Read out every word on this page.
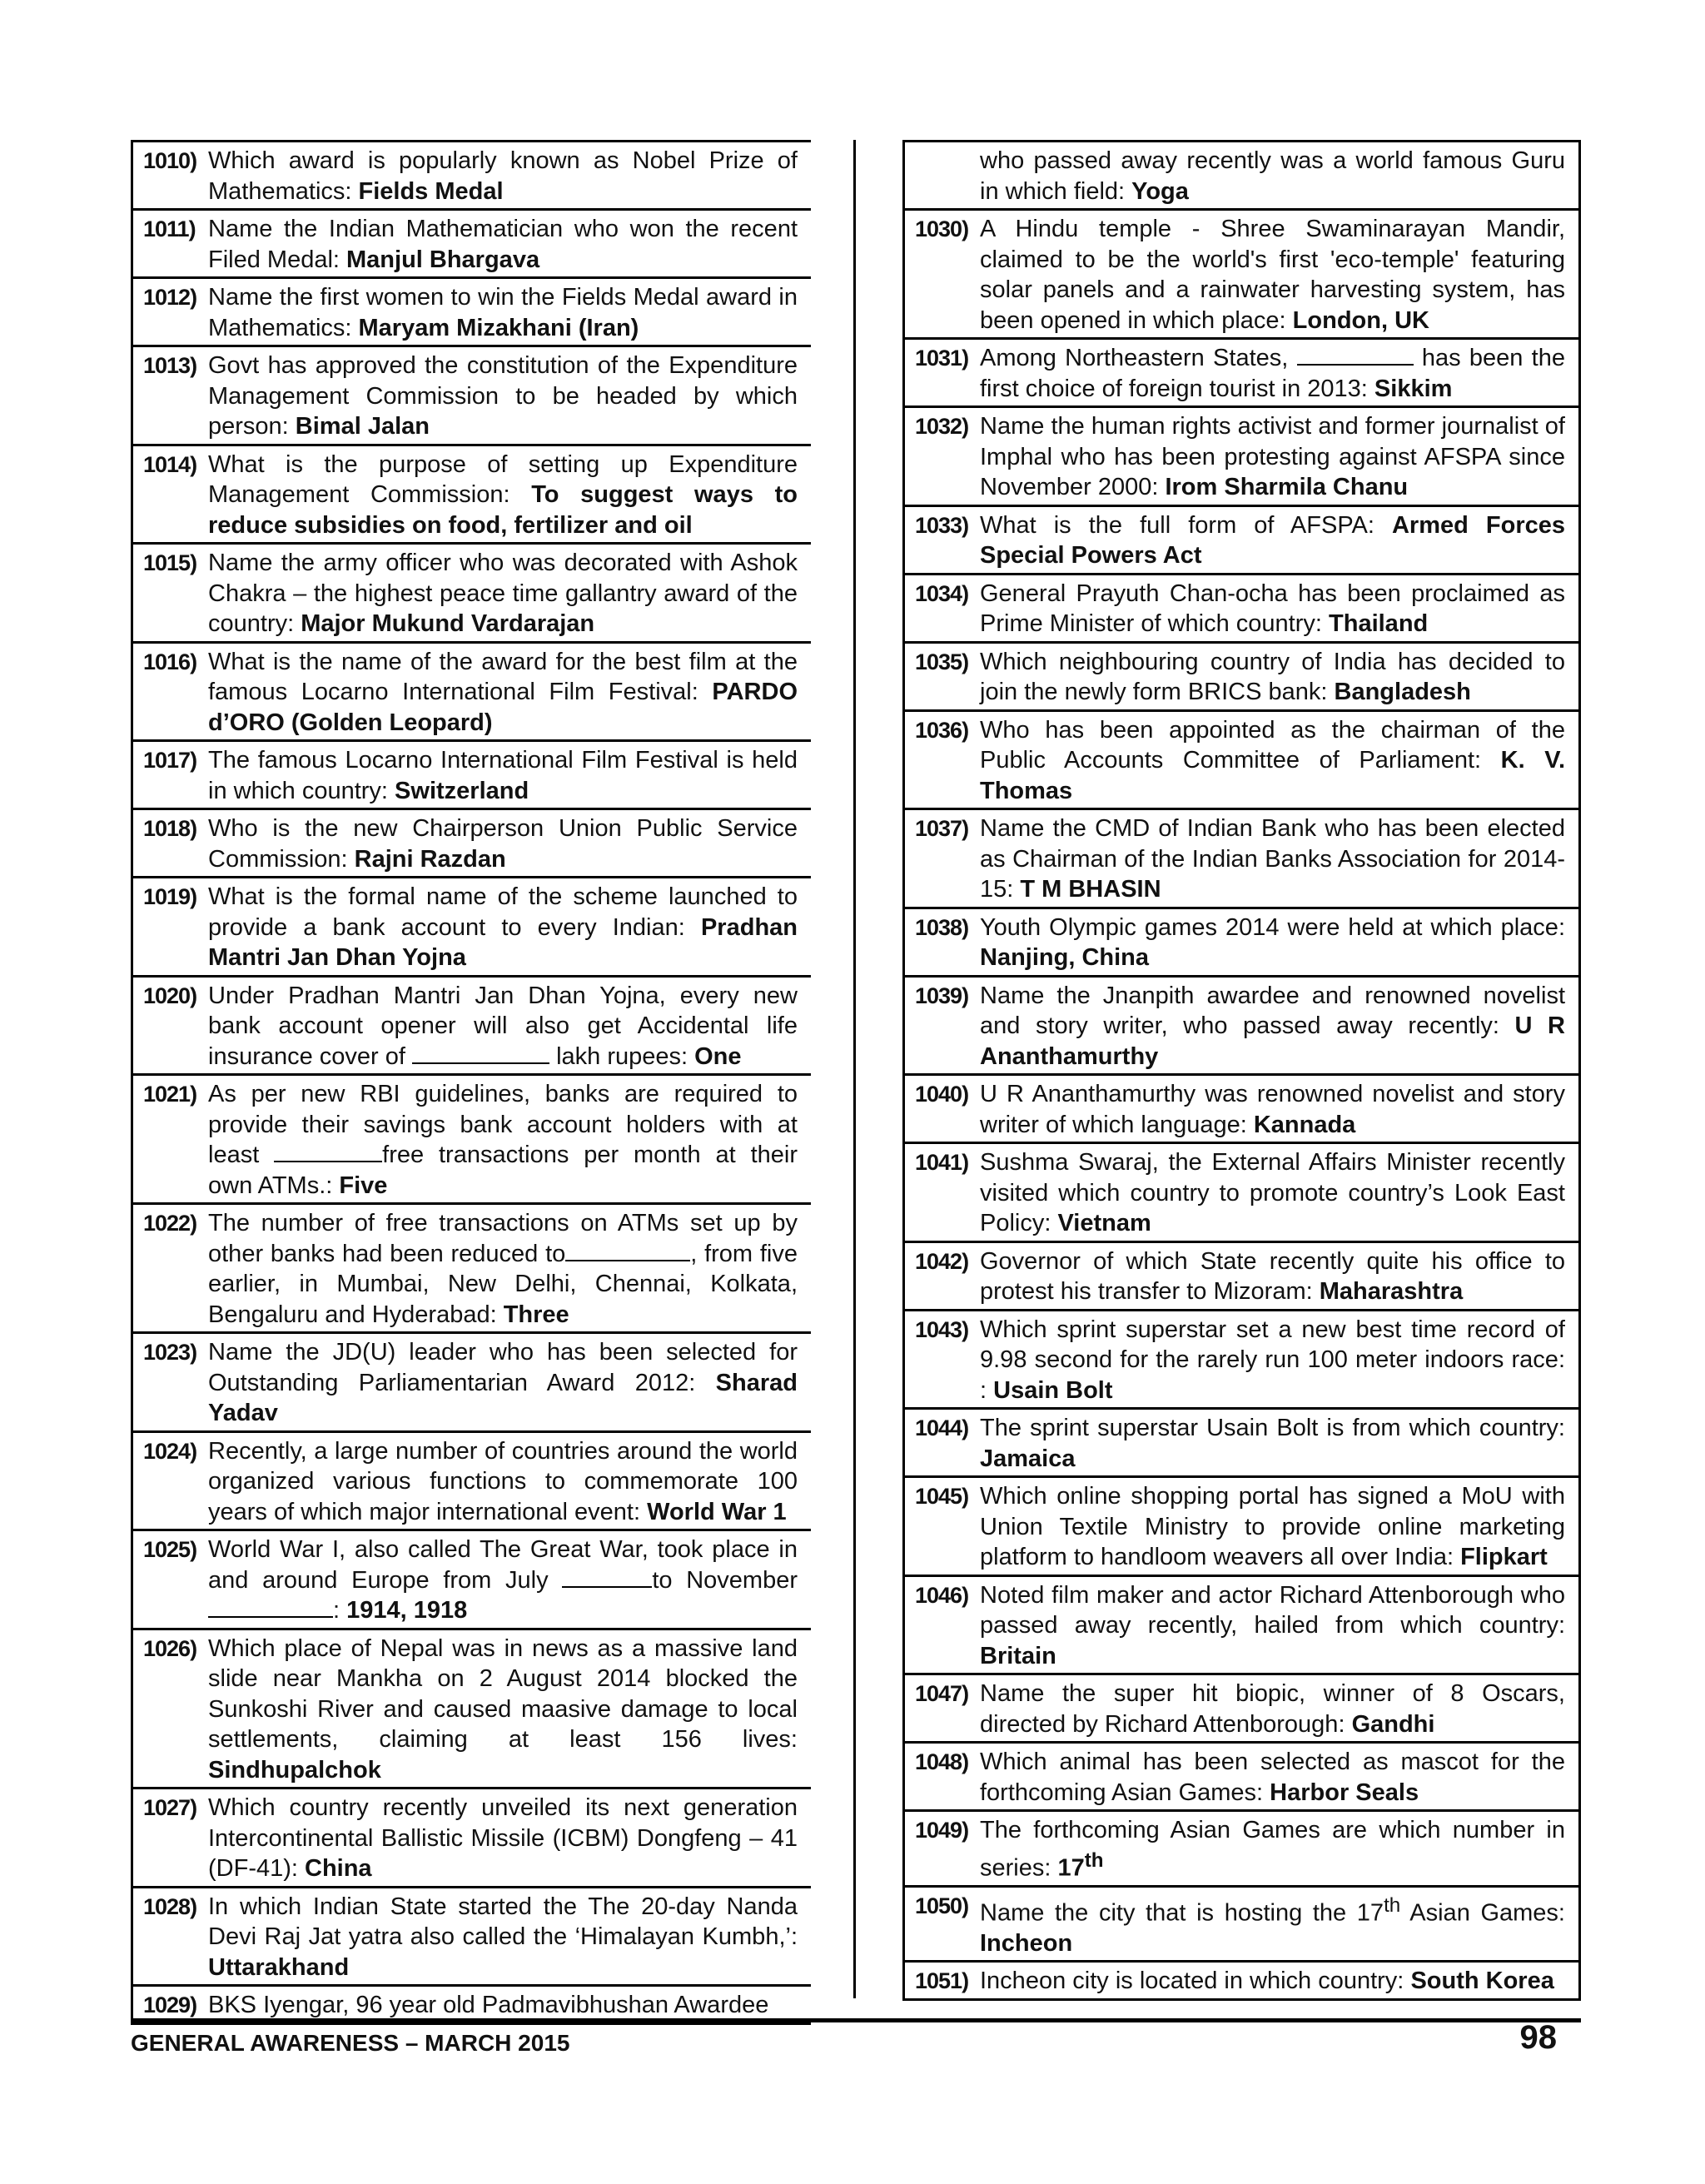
1010) Which award is popularly known as Nobel Prize of Mathematics: Fields Medal
1011) Name the Indian Mathematician who won the recent Filed Medal: Manjul Bhargava
1012) Name the first women to win the Fields Medal award in Mathematics: Maryam Mizakhani (Iran)
1013) Govt has approved the constitution of the Expenditure Management Commission to be headed by which person: Bimal Jalan
1014) What is the purpose of setting up Expenditure Management Commission: To suggest ways to reduce subsidies on food, fertilizer and oil
1015) Name the army officer who was decorated with Ashok Chakra – the highest peace time gallantry award of the country: Major Mukund Vardarajan
1016) What is the name of the award for the best film at the famous Locarno International Film Festival: PARDO d’ORO (Golden Leopard)
1017) The famous Locarno International Film Festival is held in which country: Switzerland
1018) Who is the new Chairperson Union Public Service Commission: Rajni Razdan
1019) What is the formal name of the scheme launched to provide a bank account to every Indian: Pradhan Mantri Jan Dhan Yojna
1020) Under Pradhan Mantri Jan Dhan Yojna, every new bank account opener will also get Accidental life insurance cover of	lakh rupees: One
1021) As per new RBI guidelines, banks are required to provide their savings bank account holders with at least	free transactions per month at their own ATMs.: Five
1022) The number of free transactions on ATMs set up by other banks had been reduced to	, from five earlier, in Mumbai, New Delhi, Chennai, Kolkata, Bengaluru and Hyderabad: Three
1023) Name the JD(U) leader who has been selected for Outstanding Parliamentarian Award 2012: Sharad Yadav
1024) Recently, a large number of countries around the world organized various functions to commemorate 100 years of which major international event: World War 1
1025) World War I, also called The Great War, took place in and around Europe from July	to November : 1914, 1918
1026) Which place of Nepal was in news as a massive land slide near Mankha on 2 August 2014 blocked the Sunkoshi River and caused maasive damage to local settlements, claiming at least 156 lives: Sindhupalchok
1027) Which country recently unveiled its next generation Intercontinental Ballistic Missile (ICBM) Dongfeng – 41 (DF-41): China
1028) In which Indian State started the The 20-day Nanda Devi Raj Jat yatra also called the ‘Himalayan Kumbh,’: Uttarakhand
1029) BKS Iyengar, 96 year old Padmavibhushan Awardee
who passed away recently was a world famous Guru in which field: Yoga
1030) A Hindu temple - Shree Swaminarayan Mandir, claimed to be the world's first 'eco-temple' featuring solar panels and a rainwater harvesting system, has been opened in which place: London, UK
1031) Among Northeastern States,	has been the first choice of foreign tourist in 2013: Sikkim
1032) Name the human rights activist and former journalist of Imphal who has been protesting against AFSPA since November 2000: Irom Sharmila Chanu
1033) What is the full form of AFSPA: Armed Forces Special Powers Act
1034) General Prayuth Chan-ocha has been proclaimed as Prime Minister of which country: Thailand
1035) Which neighbouring country of India has decided to join the newly form BRICS bank: Bangladesh
1036) Who has been appointed as the chairman of the Public Accounts Committee of Parliament: K. V. Thomas
1037) Name the CMD of Indian Bank who has been elected as Chairman of the Indian Banks Association for 2014-15: T M BHASIN
1038) Youth Olympic games 2014 were held at which place: Nanjing, China
1039) Name the Jnanpith awardee and renowned novelist and story writer, who passed away recently: U R Ananthamurthy
1040) U R Ananthamurthy was renowned novelist and story writer of which language: Kannada
1041) Sushma Swaraj, the External Affairs Minister recently visited which country to promote country’s Look East Policy: Vietnam
1042) Governor of which State recently quite his office to protest his transfer to Mizoram: Maharashtra
1043) Which sprint superstar set a new best time record of 9.98 second for the rarely run 100 meter indoors race: : Usain Bolt
1044) The sprint superstar Usain Bolt is from which country: Jamaica
1045) Which online shopping portal has signed a MoU with Union Textile Ministry to provide online marketing platform to handloom weavers all over India: Flipkart
1046) Noted film maker and actor Richard Attenborough who passed away recently, hailed from which country: Britain
1047) Name the super hit biopic, winner of 8 Oscars, directed by Richard Attenborough: Gandhi
1048) Which animal has been selected as mascot for the forthcoming Asian Games: Harbor Seals
1049) The forthcoming Asian Games are which number in series: 17th
1050) Name the city that is hosting the 17th Asian Games: Incheon
1051) Incheon city is located in which country: South Korea
GENERAL AWARENESS – MARCH 2015	98
